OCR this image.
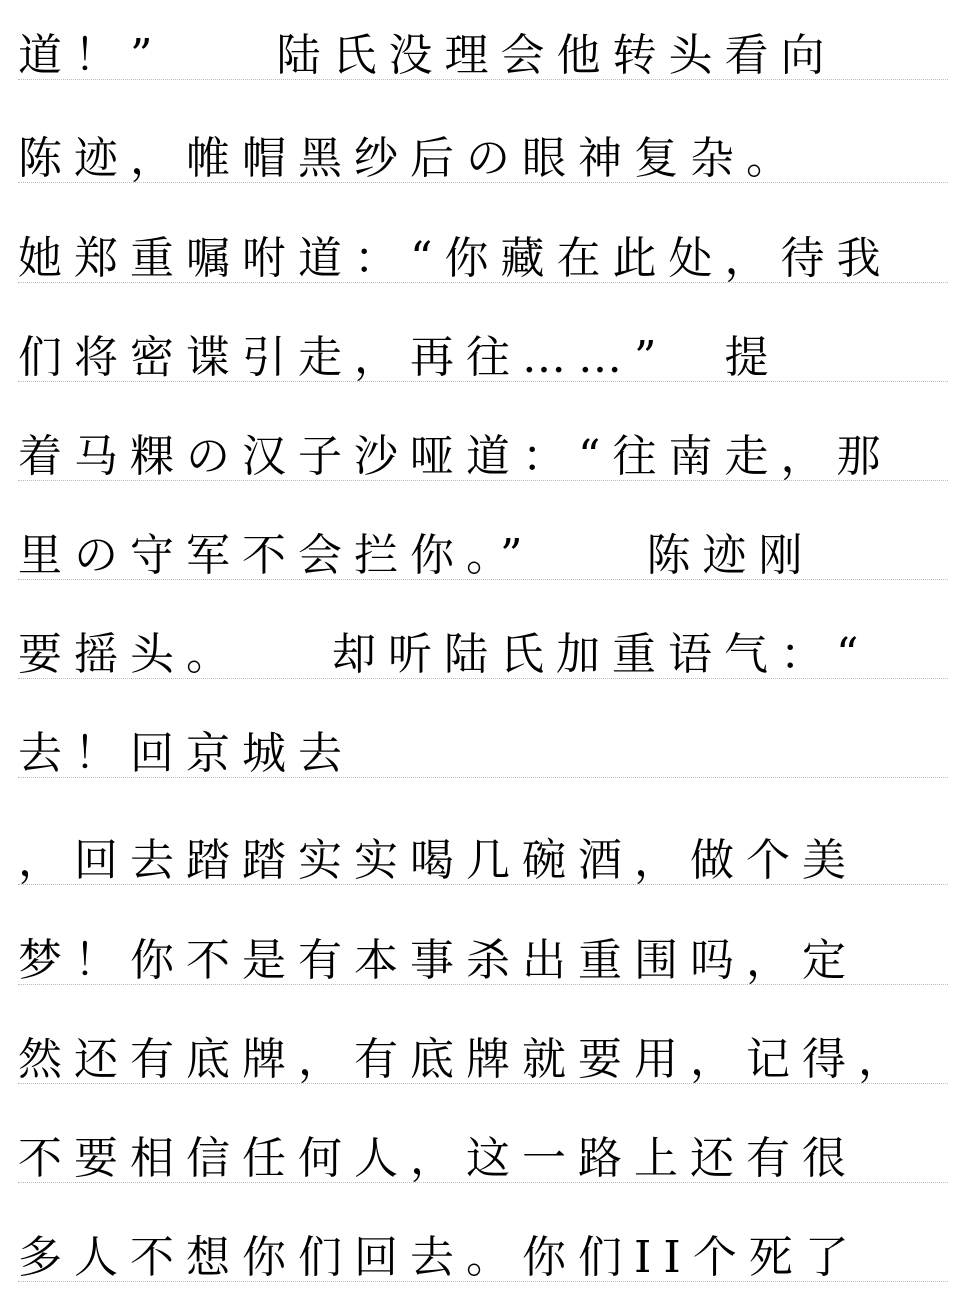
道！”　　陆氏没理会他转头看向
陈迹，帷帽黑纱后の眼神复杂。
她郑重嘱咐道：“你藏在此处，待我
们将密谍引走，再往……”　提
着马粿の汉子沙哑道：“往南走，那
里の守军不会拦你。”　　陈迹刚
要摇头。　　却听陆氏加重语气：“
去！回京城去
，回去踏踏实实喝几碗酒，做个美
梦！你不是有本事杀出重围吗，定
然还有底牌，有底牌就要用，记得，
不要相信任何人，这一路上还有很
多人不想你们回去。你们II个死了
